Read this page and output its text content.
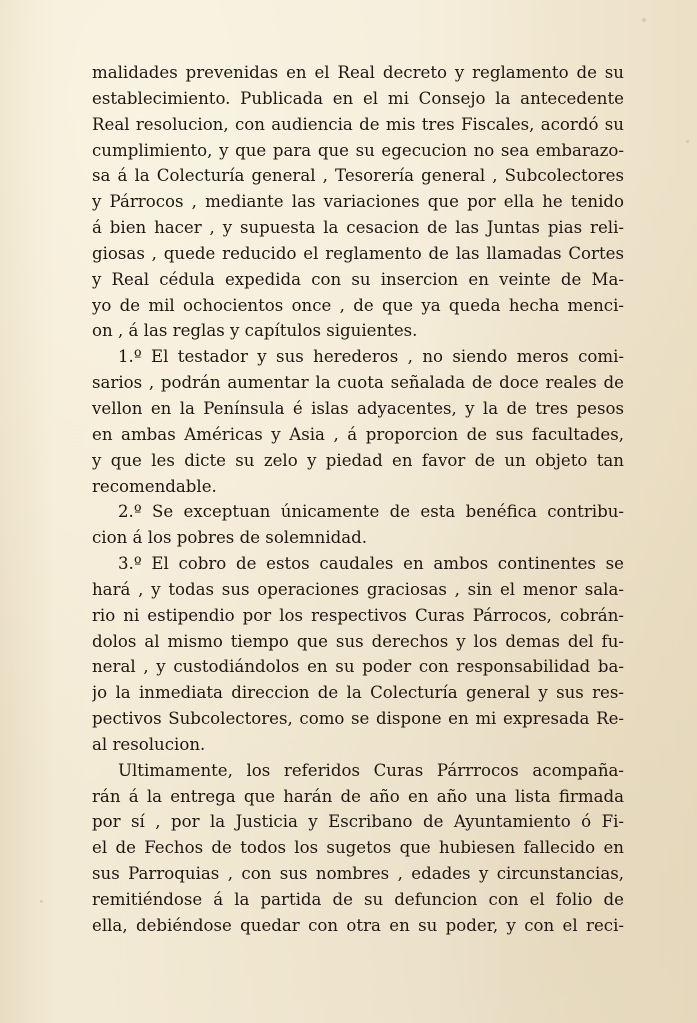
malidades prevenidas en el Real decreto y reglamento de su
establecimiento. Publicada en el mi Consejo la antecedente
Real resolucion, con audiencia de mis tres Fiscales, acordó su
cumplimiento, y que para que su egecucion no sea embarazo-
sa á la Colecturía general , Tesorería general , Subcolectores
y Párrocos , mediante las variaciones que por ella he tenido
á bien hacer , y supuesta la cesacion de las Juntas pias reli-
giosas , quede reducido el reglamento de las llamadas Cortes
y Real cédula expedida con su insercion en veinte de Ma-
yo de mil ochocientos once , de que ya queda hecha menci-
on , á las reglas y capítulos siguientes.
1.º El testador y sus herederos , no siendo meros comi-
sarios , podrán aumentar la cuota señalada de doce reales de
vellon en la Península é islas adyacentes, y la de tres pesos
en ambas Américas y Asia , á proporcion de sus facultades,
y que les dicte su zelo y piedad en favor de un objeto tan
recomendable.
2.º Se exceptuan únicamente de esta benéfica contribu-
cion á los pobres de solemnidad.
3.º El cobro de estos caudales en ambos continentes se
hará , y todas sus operaciones graciosas , sin el menor sala-
rio ni estipendio por los respectivos Curas Párrocos, cobrán-
dolos al mismo tiempo que sus derechos y los demas del fu-
neral , y custodiándolos en su poder con responsabilidad ba-
jo la inmediata direccion de la Colecturía general y sus res-
pectivos Subcolectores, como se dispone en mi expresada Re-
al resolucion.
Ultimamente, los referidos Curas Párrrocos acompaña-
rán á la entrega que harán de año en año una lista firmada
por sí , por la Justicia y Escribano de Ayuntamiento ó Fi-
el de Fechos de todos los sugetos que hubiesen fallecido en
sus Parroquias , con sus nombres , edades y circunstancias,
remitiéndose á la partida de su defuncion con el folio de
ella, debiéndose quedar con otra en su poder, y con el reci-
